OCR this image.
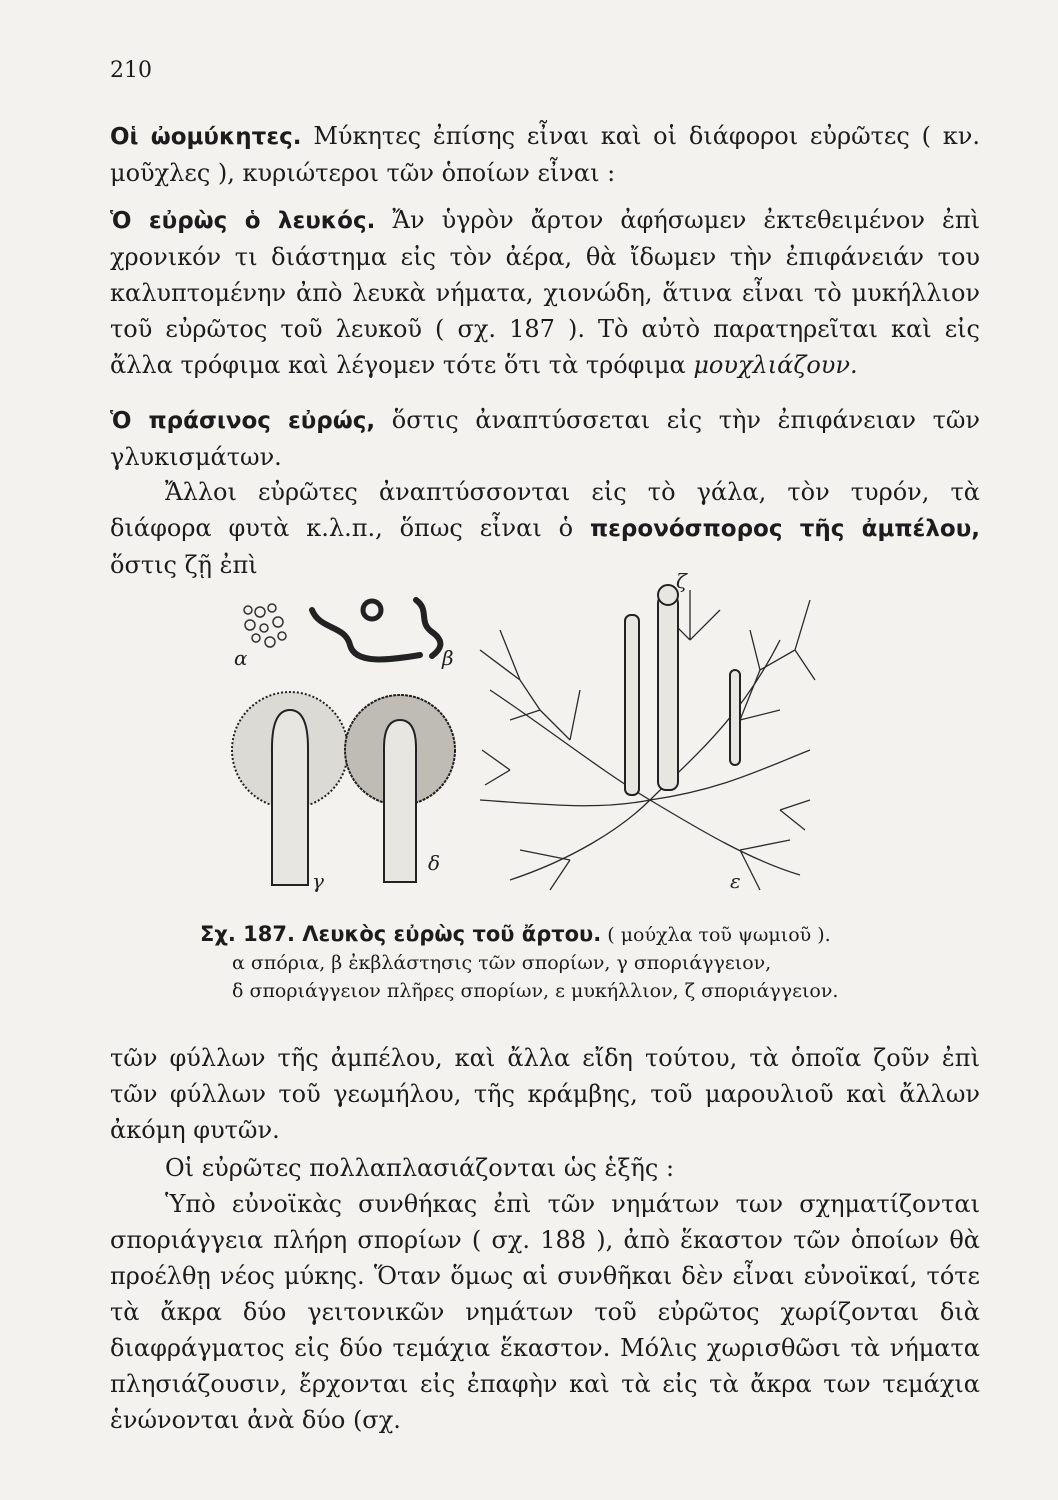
210

Οἱ ὠομύκητες. Μύκητες ἐπίσης εἶναι καὶ οἱ διάφοροι εὐρῶτες ( κν. μοῦχλες ), κυριώτεροι τῶν ὁποίων εἶναι :

Ὁ εὐρὼς ὁ λευκός. Ἄν ὑγρὸν ἄρτον ἀφήσωμεν ἐκτεθειμένον ἐπὶ χρονικόν τι διάστημα εἰς τὸν ἀέρα, θὰ ἴδωμεν τὴν ἐπιφάνειάν του καλυπτομένην ἀπὸ λευκὰ νήματα, χιονώδη, ἅτινα εἶναι τὸ μυκήλλιον τοῦ εὐρῶτος τοῦ λευκοῦ ( σχ. 187 ). Τὸ αὐτὸ παρατηρεῖται καὶ εἰς ἄλλα τρόφιμα καὶ λέγομεν τότε ὅτι τὰ τρόφιμα μουχλιάζουν.

Ὁ πράσινος εὐρώς, ὅστις ἀναπτύσσεται εἰς τὴν ἐπιφάνειαν τῶν γλυκισμάτων.

Ἄλλοι εὐρῶτες ἀναπτύσσονται εἰς τὸ γάλα, τὸν τυρόν, τὰ διάφορα φυτὰ κ.λ.π., ὅπως εἶναι ὁ περονόσπορος τῆς ἀμπέλου, ὅστις ζῇ ἐπὶ

α	β
γ
δ
ε
ζ

Σχ. 187. Λευκὸς εὐρὼς τοῦ ἄρτου. ( μούχλα τοῦ ψωμιοῦ ).
α σπόρια, β ἐκβλάστησις τῶν σπορίων, γ σποριάγγειον,
δ σποριάγγειον πλῆρες σπορίων, ε μυκήλλιον, ζ σποριάγγειον.

τῶν φύλλων τῆς ἀμπέλου, καὶ ἄλλα εἴδη τούτου, τὰ ὁποῖα ζοῦν ἐπὶ τῶν φύλλων τοῦ γεωμήλου, τῆς κράμβης, τοῦ μαρουλιοῦ καὶ ἄλλων ἀκόμη φυτῶν.

Οἱ εὐρῶτες πολλαπλασιάζονται ὡς ἑξῆς :

Ὑπὸ εὐνοϊκὰς συνθήκας ἐπὶ τῶν νημάτων των σχηματίζονται σποριάγγεια πλήρη σπορίων ( σχ. 188 ), ἀπὸ ἕκαστον τῶν ὁποίων θὰ προέλθῃ νέος μύκης. Ὅταν ὅμως αἱ συνθῆκαι δὲν εἶναι εὐνοϊκαί, τότε τὰ ἄκρα δύο γειτονικῶν νημάτων τοῦ εὐρῶτος χωρίζονται διὰ διαφράγματος εἰς δύο τεμάχια ἕκαστον. Μόλις χωρισθῶσι τὰ νήματα πλησιάζουσιν, ἔρχονται εἰς ἐπαφὴν καὶ τὰ εἰς τὰ ἄκρα των τεμάχια ἑνώνονται ἀνὰ δύο (σχ.
